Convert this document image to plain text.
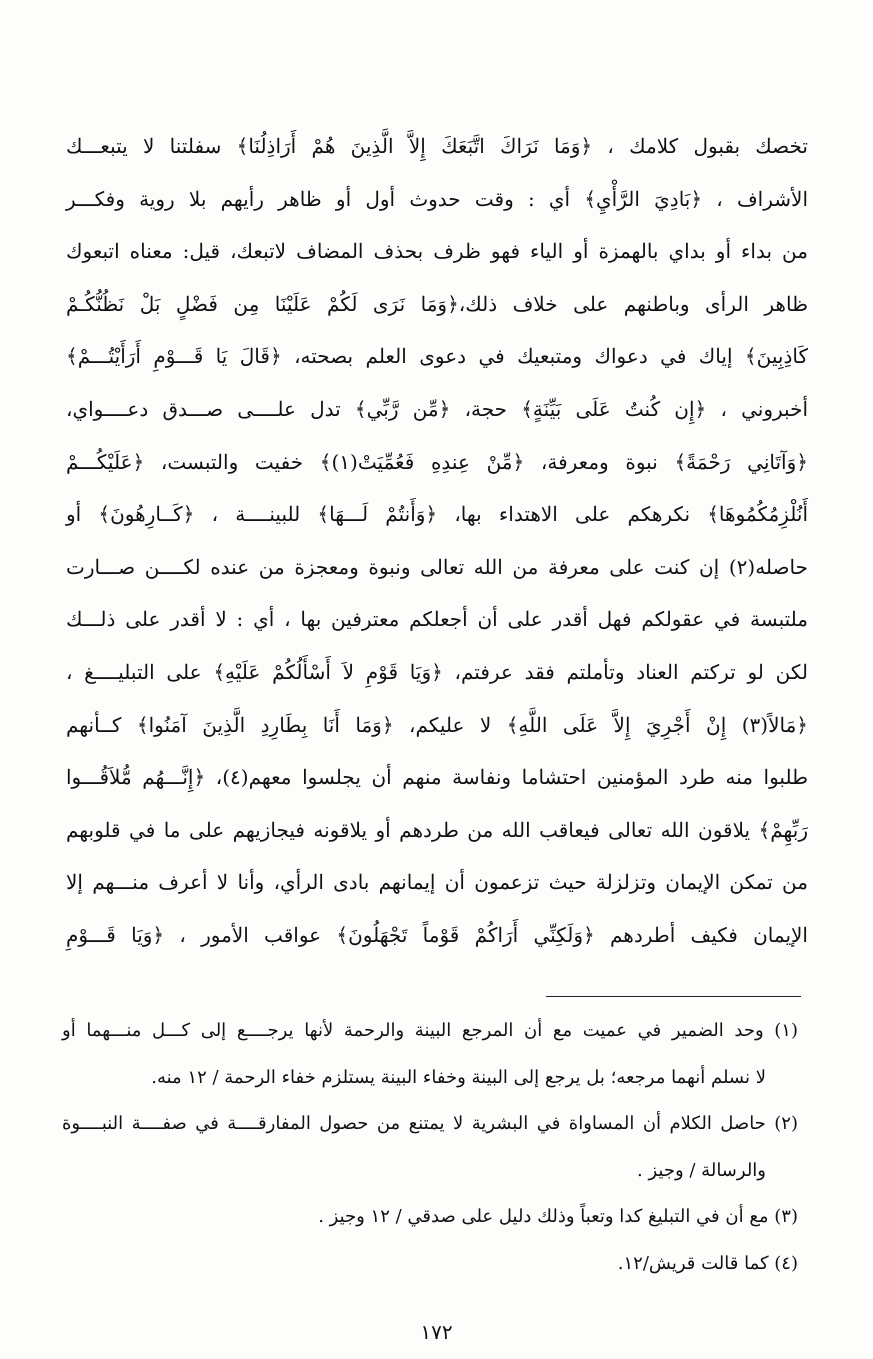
تخصك بقبول كلامك ، ﴿وَمَا نَرَاكَ اتَّبَعَكَ إِلاَّ الَّذِينَ هُمْ أَرَاذِلُنَا﴾ سفلتنا لا يتبعـــك
الأشراف ، ﴿بَادِيَ الرَّأْيِ﴾ أي : وقت حدوث أول أو ظاهر رأيهم بلا روية وفكـــر
من بداء أو بداي بالهمزة أو الياء فهو ظرف بحذف المضاف لاتبعك، قيل: معناه اتبعوك
ظاهر الرأى وباطنهم على خلاف ذلك،﴿وَمَا نَرَى لَكُمْ عَلَيْنَا مِن فَضْلٍ بَلْ نَظُنُّكُـمْ
كَاذِبِينَ﴾ إياك في دعواك ومتبعيك في دعوى العلم بصحته، ﴿قَالَ يَا قَـــوْمِ أَرَأَيْتُـــمْ﴾
أخبروني ، ﴿إِن كُنتُ عَلَى بَيِّنَةٍ﴾ حجة، ﴿مِّن رَّبِّي﴾ تدل علــــى صـــدق دعــــواي،
﴿وَآتَانِي رَحْمَةً﴾ نبوة ومعرفة، ﴿مِّنْ عِندِهِ فَعُمِّيَتْ(١)﴾ خفيت والتبست، ﴿عَلَيْكُـــمْ
أَنُلْزِمُكُمُوهَا﴾ نكرهكم على الاهتداء بها، ﴿وَأَنتُمْ لَـــهَا﴾ للبينــــة ، ﴿كَــارِهُونَ﴾ أو
حاصله(٢) إن كنت على معرفة من الله تعالى ونبوة ومعجزة من عنده لكــــن صـــارت
ملتبسة في عقولكم فهل أقدر على أن أجعلكم معترفين بها ، أي : لا أقدر على ذلـــك
لكن لو تركتم العناد وتأملتم فقد عرفتم، ﴿وَيَا قَوْمِ لاَ أَسْأَلُكُمْ عَلَيْهِ﴾ على التبليــــغ ،
﴿مَالاً(٣) إِنْ أَجْرِيَ إِلاَّ عَلَى اللَّهِ﴾ لا عليكم، ﴿وَمَا أَنَا بِطَارِدِ الَّذِينَ آمَنُوا﴾ كــأنهم
طلبوا منه طرد المؤمنين احتشاما ونفاسة منهم أن يجلسوا معهم(٤)، ﴿إِنَّـــهُم مُّلاَقُـــوا
رَبِّهِمْ﴾ يلاقون الله تعالى فيعاقب الله من طردهم أو يلاقونه فيجازيهم على ما في قلوبهم
من تمكن الإيمان وتزلزلة حيث تزعمون أن إيمانهم بادى الرأي، وأنا لا أعرف منـــهم إلا
الإيمان فكيف أطردهم ﴿وَلَكِنِّي أَرَاكُمْ قَوْماً تَجْهَلُونَ﴾ عواقب الأمور ، ﴿وَيَا قَـــوْمِ
(١) وحد الضمير في عميت مع أن المرجع البينة والرحمة لأنها يرجــــع إلى كـــل منـــهما أو
لا نسلم أنهما مرجعه؛ بل يرجع إلى البينة وخفاء البينة يستلزم خفاء الرحمة / ١٢ منه.
(٢) حاصل الكلام أن المساواة في البشرية لا يمتنع من حصول المفارقــــة في صفــــة النبــــوة
والرسالة / وجيز .
(٣) مع أن في التبليغ كدا وتعباً وذلك دليل على صدقي / ١٢ وجيز .
(٤) كما قالت قريش/١٢.
١٧٢
